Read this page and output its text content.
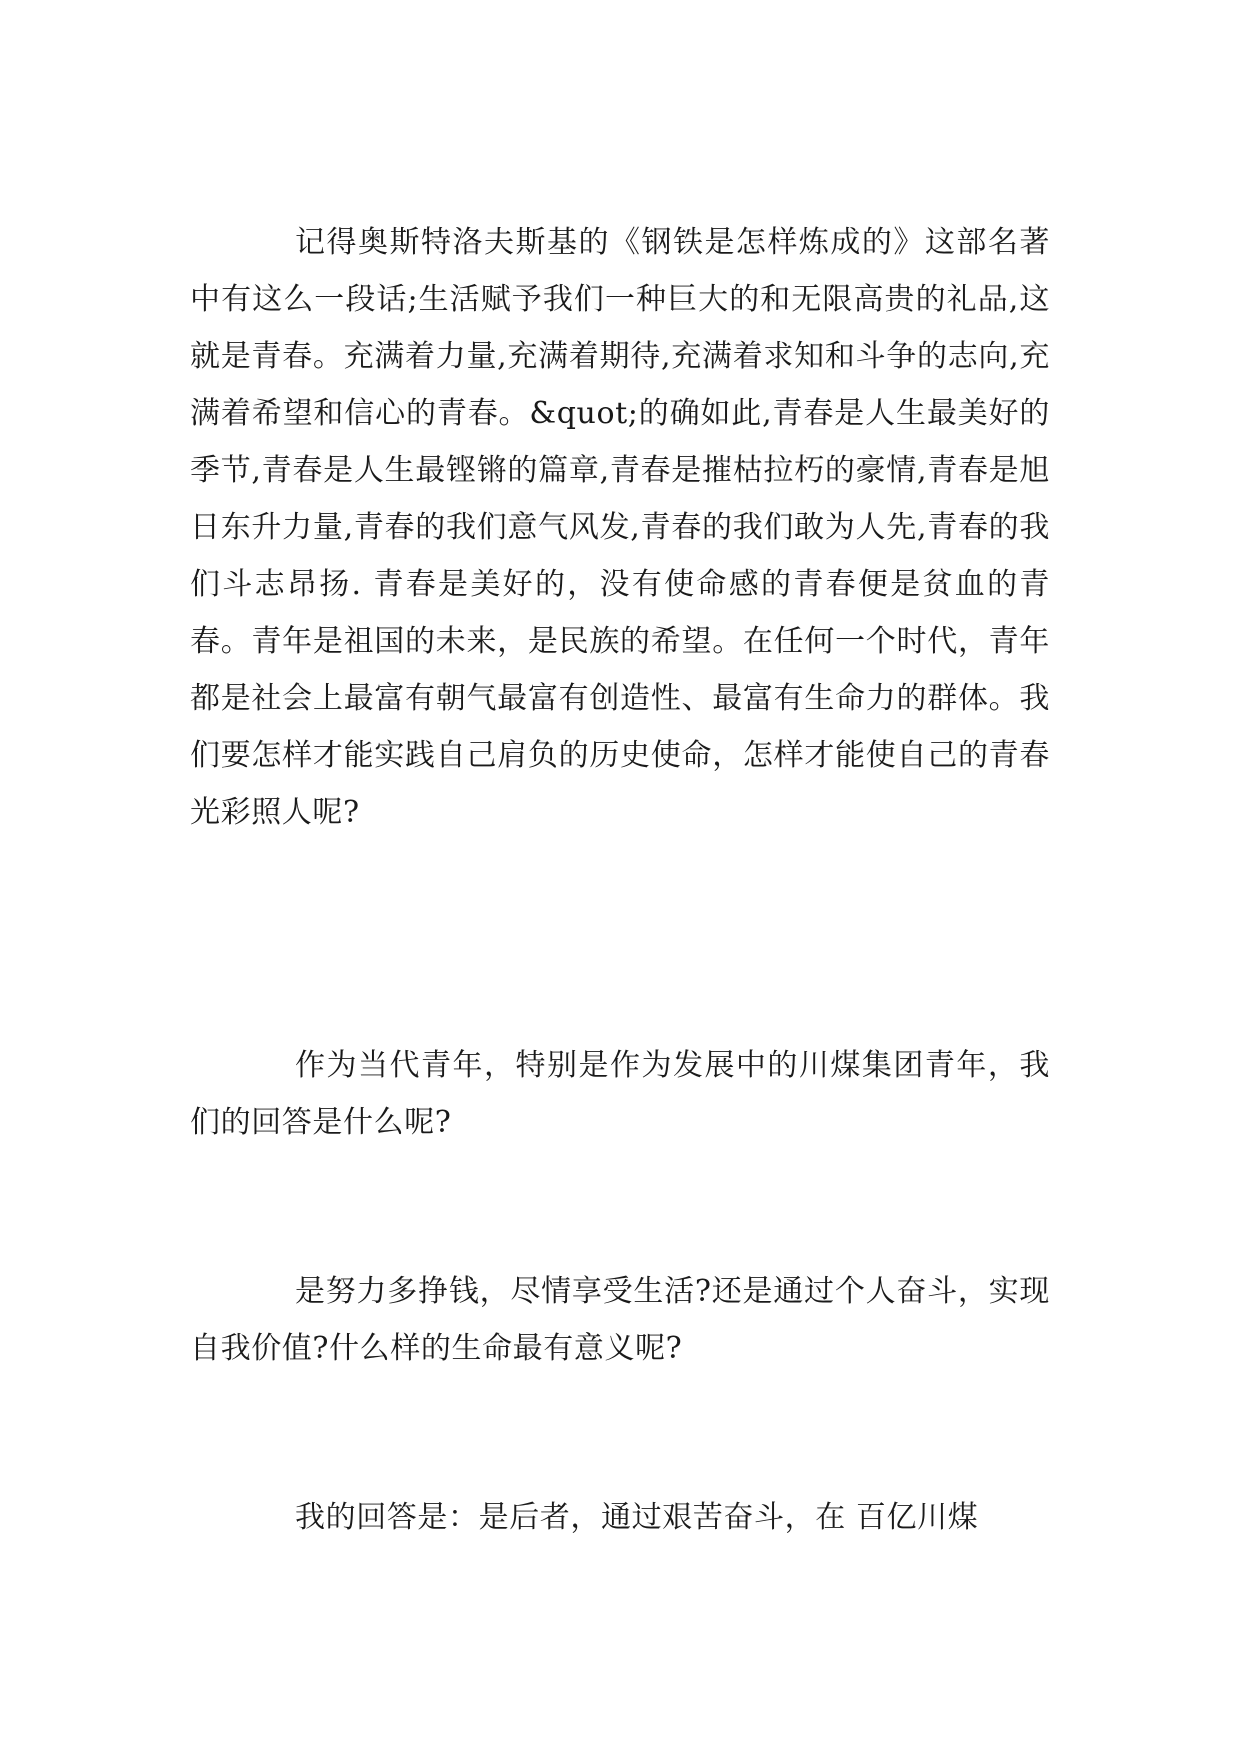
记得奥斯特洛夫斯基的《钢铁是怎样炼成的》这部名著中有这么一段话;生活赋予我们一种巨大的和无限高贵的礼品,这就是青春。充满着力量,充满着期待,充满着求知和斗争的志向,充满着希望和信心的青春。&quot;的确如此,青春是人生最美好的季节,青春是人生最铿锵的篇章,青春是摧枯拉朽的豪情,青春是旭日东升力量,青春的我们意气风发,青春的我们敢为人先,青春的我们斗志昂扬. 青春是美好的，没有使命感的青春便是贫血的青春。青年是祖国的未来，是民族的希望。在任何一个时代，青年都是社会上最富有朝气最富有创造性、最富有生命力的群体。我们要怎样才能实践自己肩负的历史使命，怎样才能使自己的青春光彩照人呢?

作为当代青年，特别是作为发展中的川煤集团青年，我们的回答是什么呢?

是努力多挣钱，尽情享受生活?还是通过个人奋斗，实现自我价值?什么样的生命最有意义呢?

我的回答是：是后者，通过艰苦奋斗，在 百亿川煤
